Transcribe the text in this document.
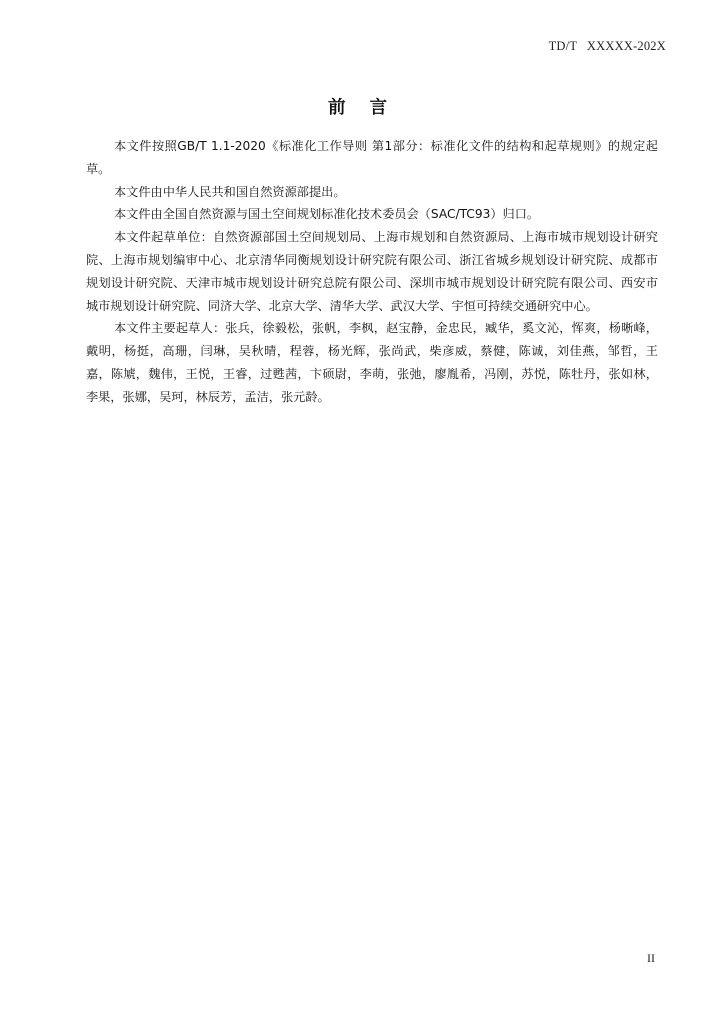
TD/T   XXXXX-202X
前 言

本文件按照GB/T 1.1-2020《标准化工作导则 第1部分：标准化文件的结构和起草规则》的规定起草。

本文件由中华人民共和国自然资源部提出。

本文件由全国自然资源与国土空间规划标准化技术委员会（SAC/TC93）归口。

本文件起草单位：自然资源部国土空间规划局、上海市规划和自然资源局、上海市城市规划设计研究院、上海市规划编审中心、北京清华同衡规划设计研究院有限公司、浙江省城乡规划设计研究院、成都市规划设计研究院、天津市城市规划设计研究总院有限公司、深圳市城市规划设计研究院有限公司、西安市城市规划设计研究院、同济大学、北京大学、清华大学、武汉大学、宇恒可持续交通研究中心。

本文件主要起草人：张兵，徐毅松，张帆，李枫，赵宝静，金忠民，臧华，奚文沁，恽爽，杨晰峰，戴明，杨挺，高珊，闫琳，吴秋晴，程蓉，杨光辉，张尚武，柴彦威，蔡健，陈诚，刘佳燕，邹哲，王嘉，陈虓，魏伟，王悦，王睿，过甦茜，卞硕尉，李萌，张弛，廖胤希，冯刚，苏悦，陈牡丹，张如林，李果，张娜，吴珂，林辰芳，孟洁，张元龄。

II
